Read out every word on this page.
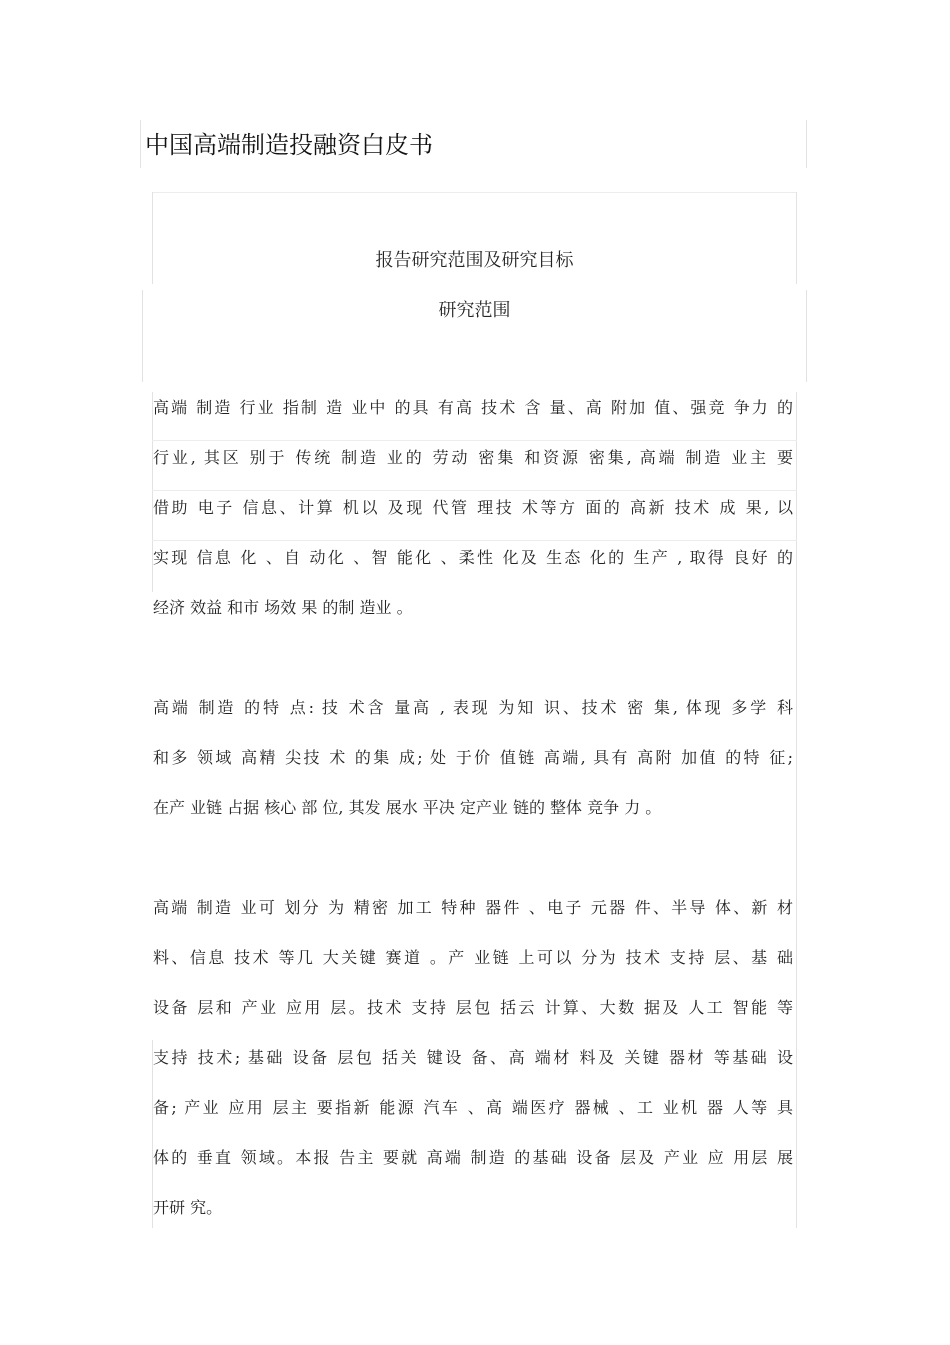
中国高端制造投融资白皮书
报告研究范围及研究目标
研究范围
高端 制造 行业 指制 造 业中 的具 有高 技术 含 量、高 附加 值、强竞 争力 的
行业, 其区 别于 传统 制造 业的 劳动 密集 和资源 密集, 高端 制造 业主 要
借助 电子 信息、计算 机以 及现 代管 理技 术等方 面的 高新 技术 成 果, 以
实现 信息 化 、自 动化 、智 能化 、柔性 化及 生态 化的 生产 , 取得 良好 的
经济 效益 和市 场效 果 的制 造业 。
高端 制造 的特 点: 技 术含 量高 , 表现 为知 识、技术 密 集, 体现 多学 科
和多 领域 高精 尖技 术 的集 成; 处 于价 值链 高端, 具有 高附 加值 的特 征;
在产 业链 占据 核心 部 位, 其发 展水 平决 定产业 链的 整体 竞争 力 。
高端 制造 业可 划分 为 精密 加工 特种 器件 、电子 元器 件、半导 体、新 材
料、信息 技术 等几 大关键 赛道 。产 业链 上可以 分为 技术 支持 层、基 础
设备 层和 产业 应用 层。技术 支持 层包 括云 计算、大数 据及 人工 智能 等
支持 技术; 基础 设备 层包 括关 键设 备、高 端材 料及 关键 器材 等基础 设
备; 产业 应用 层主 要指新 能源 汽车 、高 端医疗 器械 、工 业机 器 人等 具
体的 垂直 领域。本报 告主 要就 高端 制造 的基础 设备 层及 产业 应 用层 展
开研 究。
